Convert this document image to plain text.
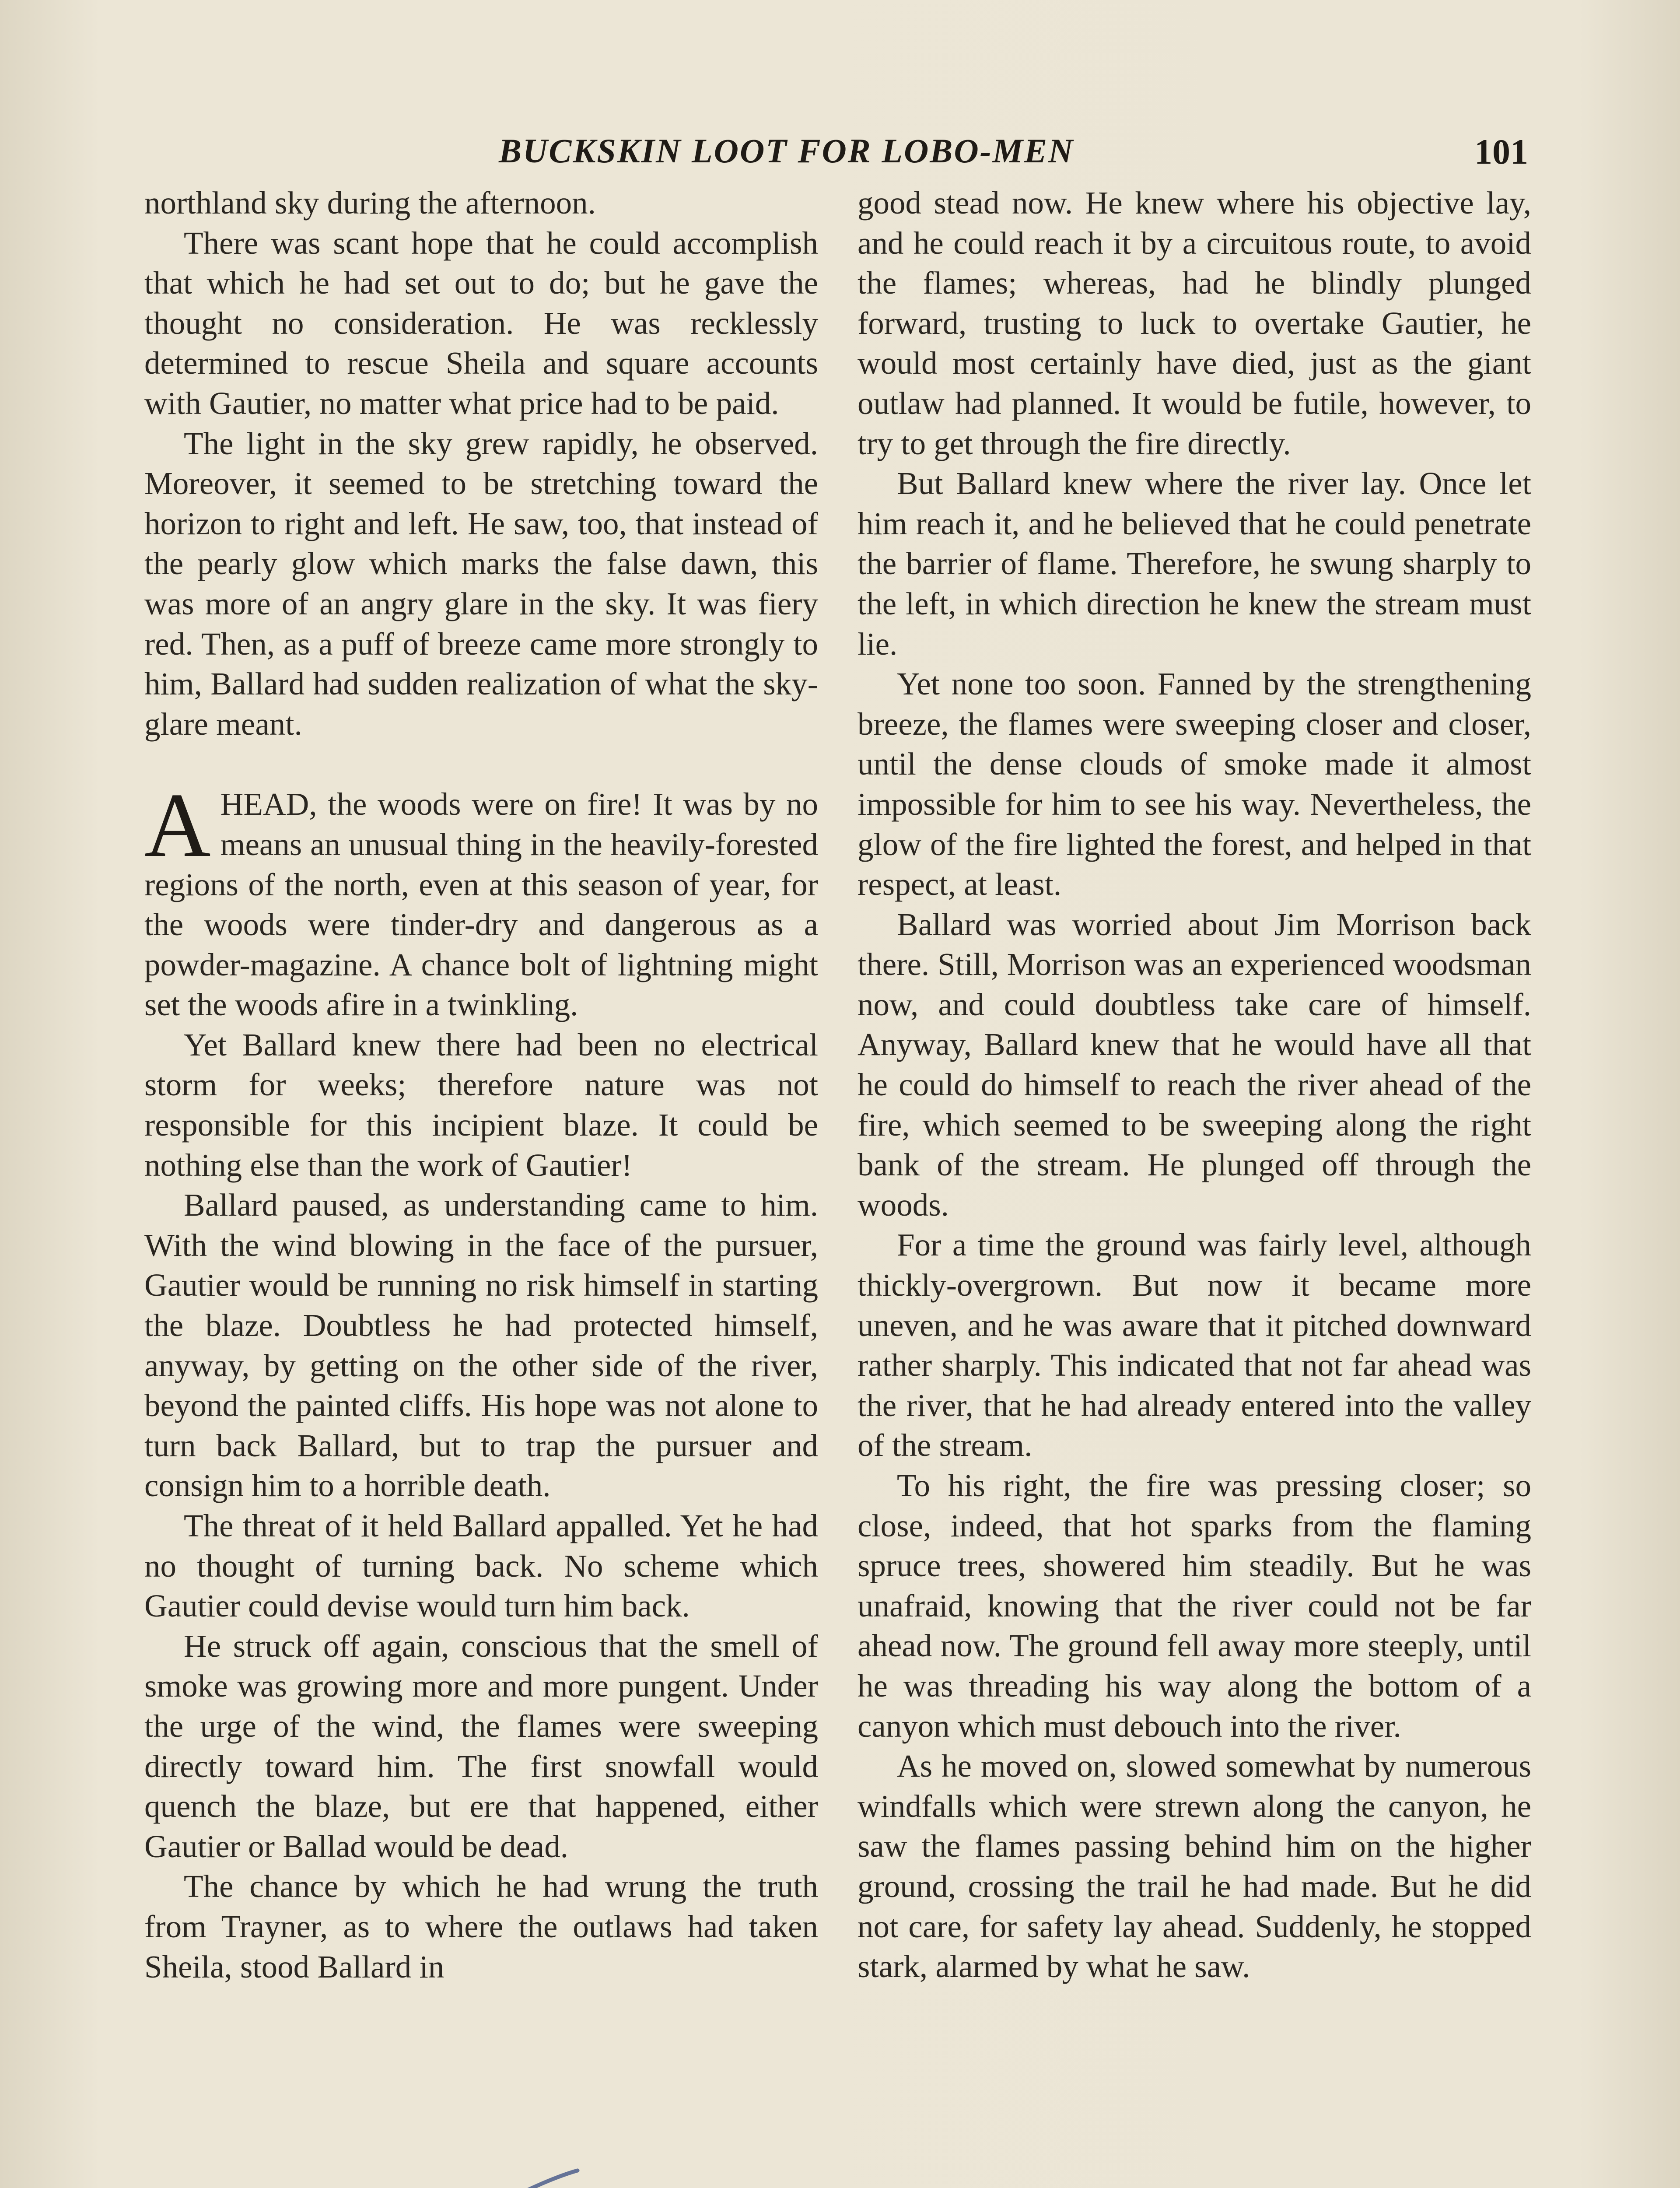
BUCKSKIN LOOT FOR LOBO-MEN	101

northland sky during the afternoon.

There was scant hope that he could accomplish that which he had set out to do; but he gave the thought no consideration. He was recklessly determined to rescue Sheila and square accounts with Gautier, no matter what price had to be paid.

The light in the sky grew rapidly, he observed. Moreover, it seemed to be stretching toward the horizon to right and left. He saw, too, that instead of the pearly glow which marks the false dawn, this was more of an angry glare in the sky. It was fiery red. Then, as a puff of breeze came more strongly to him, Ballard had sudden realization of what the sky-glare meant.

AHEAD, the woods were on fire! It was by no means an unusual thing in the heavily-forested regions of the north, even at this season of year, for the woods were tinder-dry and dangerous as a powder-magazine. A chance bolt of lightning might set the woods afire in a twinkling.

Yet Ballard knew there had been no electrical storm for weeks; therefore nature was not responsible for this incipient blaze. It could be nothing else than the work of Gautier!

Ballard paused, as understanding came to him. With the wind blowing in the face of the pursuer, Gautier would be running no risk himself in starting the blaze. Doubtless he had protected himself, anyway, by getting on the other side of the river, beyond the painted cliffs. His hope was not alone to turn back Ballard, but to trap the pursuer and consign him to a horrible death.

The threat of it held Ballard appalled. Yet he had no thought of turning back. No scheme which Gautier could devise would turn him back.

He struck off again, conscious that the smell of smoke was growing more and more pungent. Under the urge of the wind, the flames were sweeping directly toward him. The first snowfall would quench the blaze, but ere that happened, either Gautier or Ballad would be dead.

The chance by which he had wrung the truth from Trayner, as to where the outlaws had taken Sheila, stood Ballard in

good stead now. He knew where his objective lay, and he could reach it by a circuitous route, to avoid the flames; whereas, had he blindly plunged forward, trusting to luck to overtake Gautier, he would most certainly have died, just as the giant outlaw had planned. It would be futile, however, to try to get through the fire directly.

But Ballard knew where the river lay. Once let him reach it, and he believed that he could penetrate the barrier of flame. Therefore, he swung sharply to the left, in which direction he knew the stream must lie.

Yet none too soon. Fanned by the strengthening breeze, the flames were sweeping closer and closer, until the dense clouds of smoke made it almost impossible for him to see his way. Nevertheless, the glow of the fire lighted the forest, and helped in that respect, at least.

Ballard was worried about Jim Morrison back there. Still, Morrison was an experienced woodsman now, and could doubtless take care of himself. Anyway, Ballard knew that he would have all that he could do himself to reach the river ahead of the fire, which seemed to be sweeping along the right bank of the stream. He plunged off through the woods.

For a time the ground was fairly level, although thickly-overgrown. But now it became more uneven, and he was aware that it pitched downward rather sharply. This indicated that not far ahead was the river, that he had already entered into the valley of the stream.

To his right, the fire was pressing closer; so close, indeed, that hot sparks from the flaming spruce trees, showered him steadily. But he was unafraid, knowing that the river could not be far ahead now. The ground fell away more steeply, until he was threading his way along the bottom of a canyon which must debouch into the river.

As he moved on, slowed somewhat by numerous windfalls which were strewn along the canyon, he saw the flames passing behind him on the higher ground, crossing the trail he had made. But he did not care, for safety lay ahead. Suddenly, he stopped stark, alarmed by what he saw.
